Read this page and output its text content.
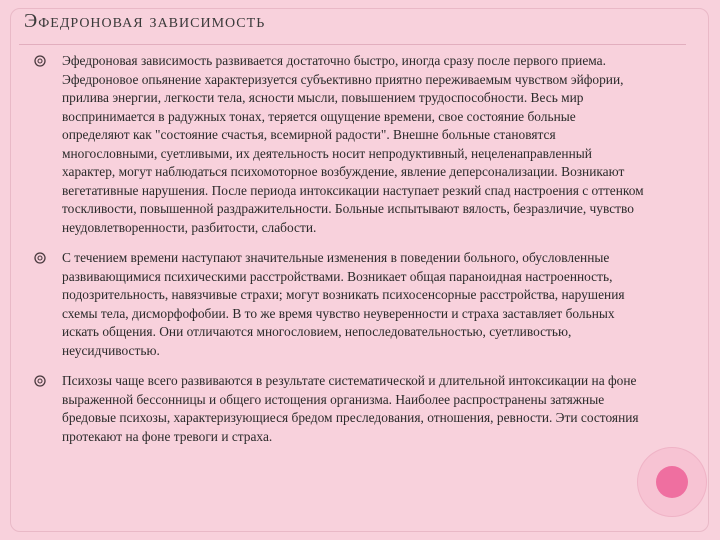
Эфедроновая зависимость
Эфедроновая зависимость развивается достаточно быстро, иногда сразу после первого приема. Эфедроновое опьянение характеризуется субъективно приятно переживаемым чувством эйфории, прилива энергии, легкости тела, ясности мысли, повышением трудоспособности. Весь мир воспринимается в радужных тонах, теряется ощущение времени, свое состояние больные определяют как "состояние счастья, всемирной радости". Внешне больные становятся многословными, суетливыми, их деятельность носит непродуктивный, нецеленаправленный характер, могут наблюдаться психомоторное возбуждение, явление деперсонализации. Возникают вегетативные нарушения. После периода интоксикации наступает резкий спад настроения с оттенком тоскливости, повышенной раздражительности. Больные испытывают вялость, безразличие, чувство неудовлетворенности, разбитости, слабости.
С течением времени наступают значительные изменения в поведении больного, обусловленные развивающимися психическими расстройствами. Возникает общая параноидная настроенность, подозрительность, навязчивые страхи; могут возникать психосенсорные расстройства, нарушения схемы тела, дисморфофобии. В то же время чувство неуверенности и страха заставляет больных искать общения. Они отличаются многословием, непоследовательностью, суетливостью, неусидчивостью.
Психозы чаще всего развиваются в результате систематической и длительной интоксикации на фоне выраженной бессонницы и общего истощения организма. Наиболее распространены затяжные бредовые психозы, характеризующиеся бредом преследования, отношения, ревности. Эти состояния протекают на фоне тревоги и страха.
